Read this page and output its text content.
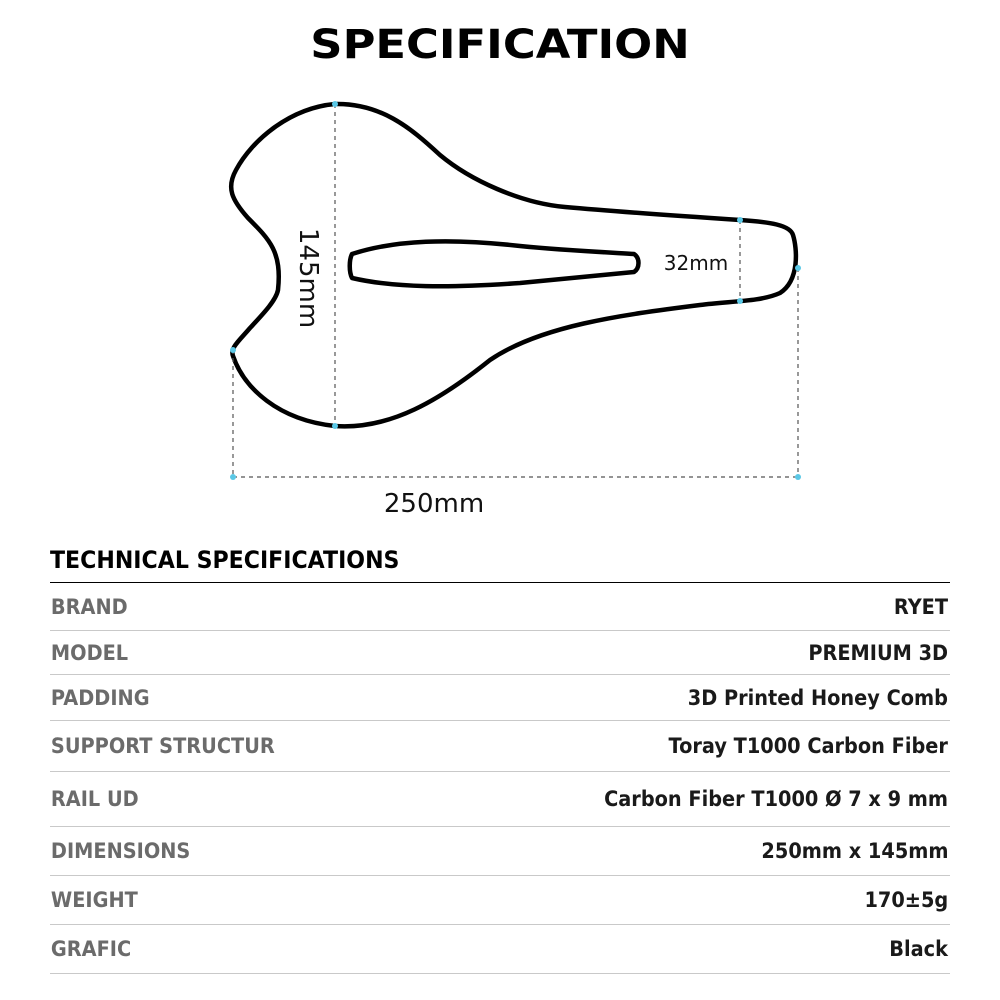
SPECIFICATION
145mm	32mm
250mm
TECHNICAL SPECIFICATIONS
BRAND	RYET
MODEL	PREMIUM 3D
PADDING	3D Printed Honey Comb
SUPPORT STRUCTUR	Toray T1000 Carbon Fiber
RAIL UD	Carbon Fiber T1000 Ø 7 x 9 mm
DIMENSIONS	250mm x 145mm
WEIGHT	170±5g
GRAFIC	Black
